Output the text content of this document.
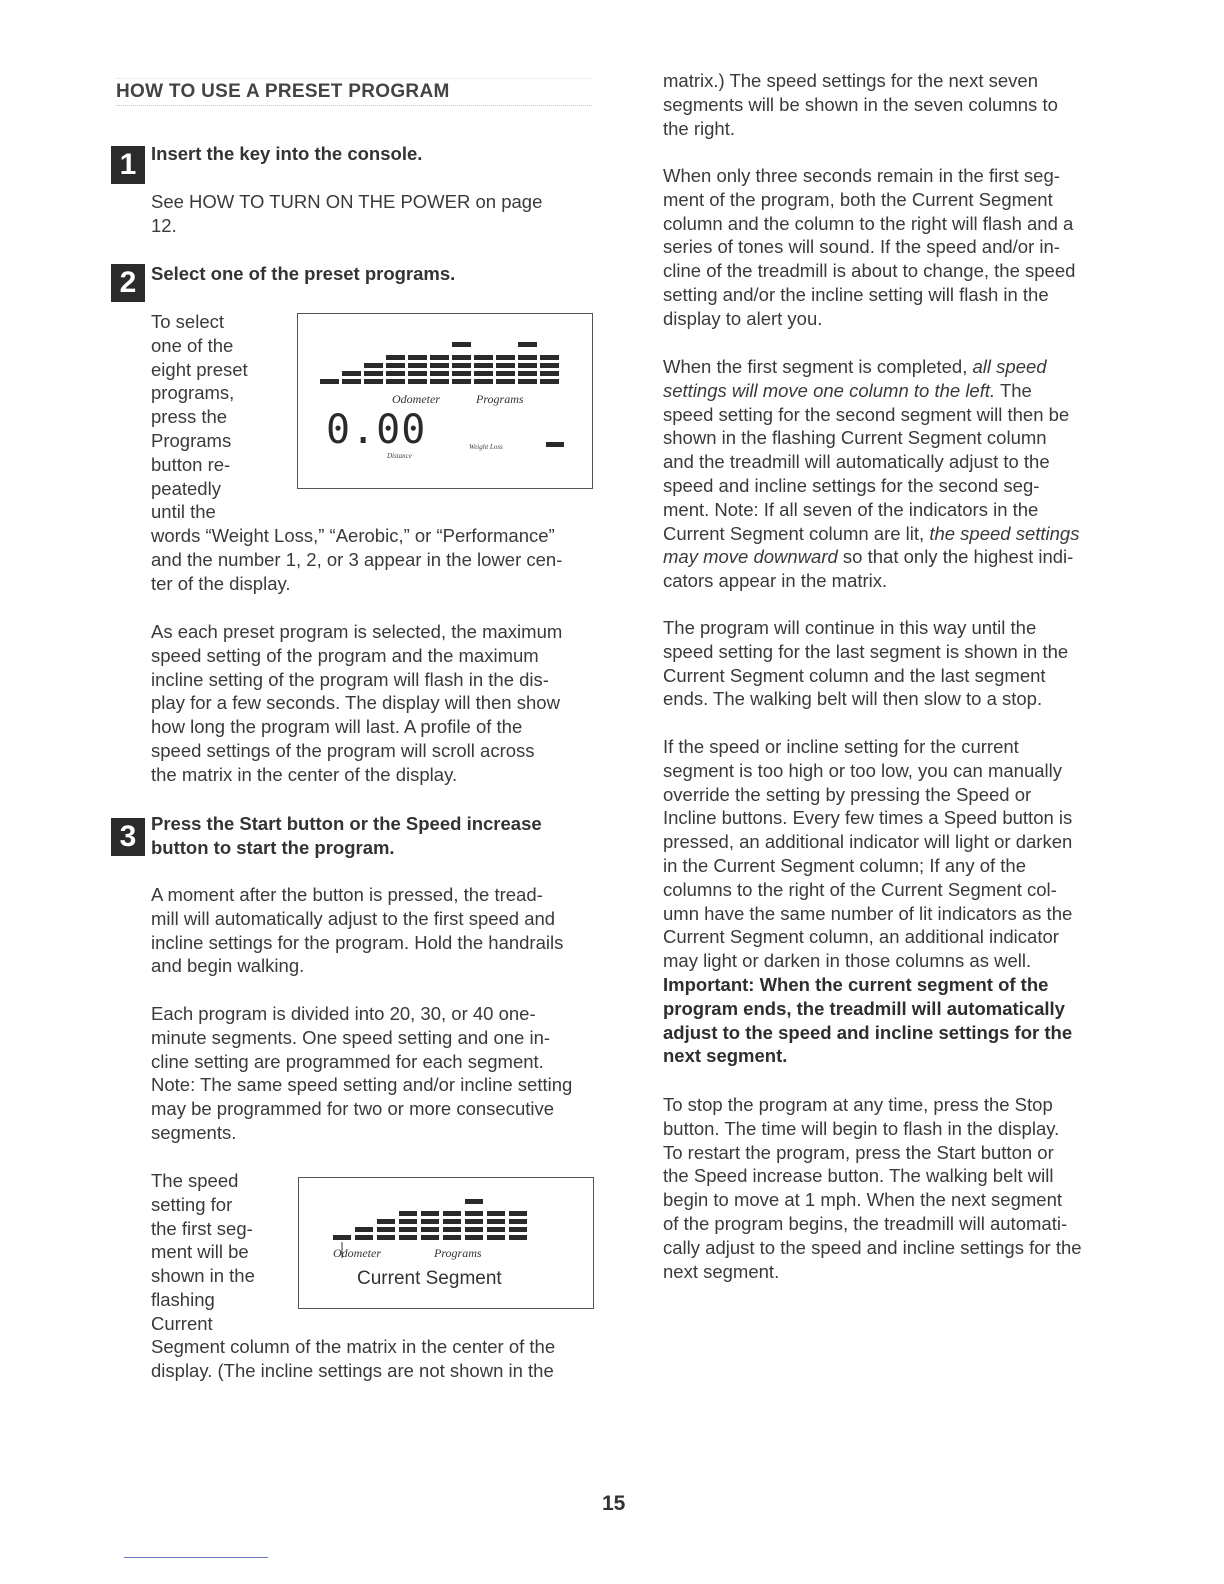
HOW TO USE A PRESET PROGRAM
1 Insert the key into the console.
See HOW TO TURN ON THE POWER on page
12.
2 Select one of the preset programs.
To select
one of the
eight preset
programs,
press the
Programs
button re-
peatedly
until the
words “Weight Loss,” “Aerobic,” or “Performance”
and the number 1, 2, or 3 appear in the lower cen-
ter of the display.
Odometer	Programs
0.00
Distance
Weight Loss
As each preset program is selected, the maximum
speed setting of the program and the maximum
incline setting of the program will flash in the dis-
play for a few seconds. The display will then show
how long the program will last. A profile of the
speed settings of the program will scroll across
the matrix in the center of the display.
3 Press the Start button or the Speed increase
button to start the program.
A moment after the button is pressed, the tread-
mill will automatically adjust to the first speed and
incline settings for the program. Hold the handrails
and begin walking.
Each program is divided into 20, 30, or 40 one-
minute segments. One speed setting and one in-
cline setting are programmed for each segment.
Note: The same speed setting and/or incline setting
may be programmed for two or more consecutive
segments.
The speed
setting for
the first seg-
ment will be
shown in the
flashing
Current
Segment column of the matrix in the center of the
display. (The incline settings are not shown in the
Odometer	Programs
Current Segment
matrix.) The speed settings for the next seven
segments will be shown in the seven columns to
the right.
When only three seconds remain in the first seg-
ment of the program, both the Current Segment
column and the column to the right will flash and a
series of tones will sound. If the speed and/or in-
cline of the treadmill is about to change, the speed
setting and/or the incline setting will flash in the
display to alert you.
When the first segment is completed, all speed
settings will move one column to the left. The
speed setting for the second segment will then be
shown in the flashing Current Segment column
and the treadmill will automatically adjust to the
speed and incline settings for the second seg-
ment. Note: If all seven of the indicators in the
Current Segment column are lit, the speed settings
may move downward so that only the highest indi-
cators appear in the matrix.
The program will continue in this way until the
speed setting for the last segment is shown in the
Current Segment column and the last segment
ends. The walking belt will then slow to a stop.
If the speed or incline setting for the current
segment is too high or too low, you can manually
override the setting by pressing the Speed or
Incline buttons. Every few times a Speed button is
pressed, an additional indicator will light or darken
in the Current Segment column; If any of the
columns to the right of the Current Segment col-
umn have the same number of lit indicators as the
Current Segment column, an additional indicator
may light or darken in those columns as well.
Important: When the current segment of the
program ends, the treadmill will automatically
adjust to the speed and incline settings for the
next segment.
To stop the program at any time, press the Stop
button. The time will begin to flash in the display.
To restart the program, press the Start button or
the Speed increase button. The walking belt will
begin to move at 1 mph. When the next segment
of the program begins, the treadmill will automati-
cally adjust to the speed and incline settings for the
next segment.
15
